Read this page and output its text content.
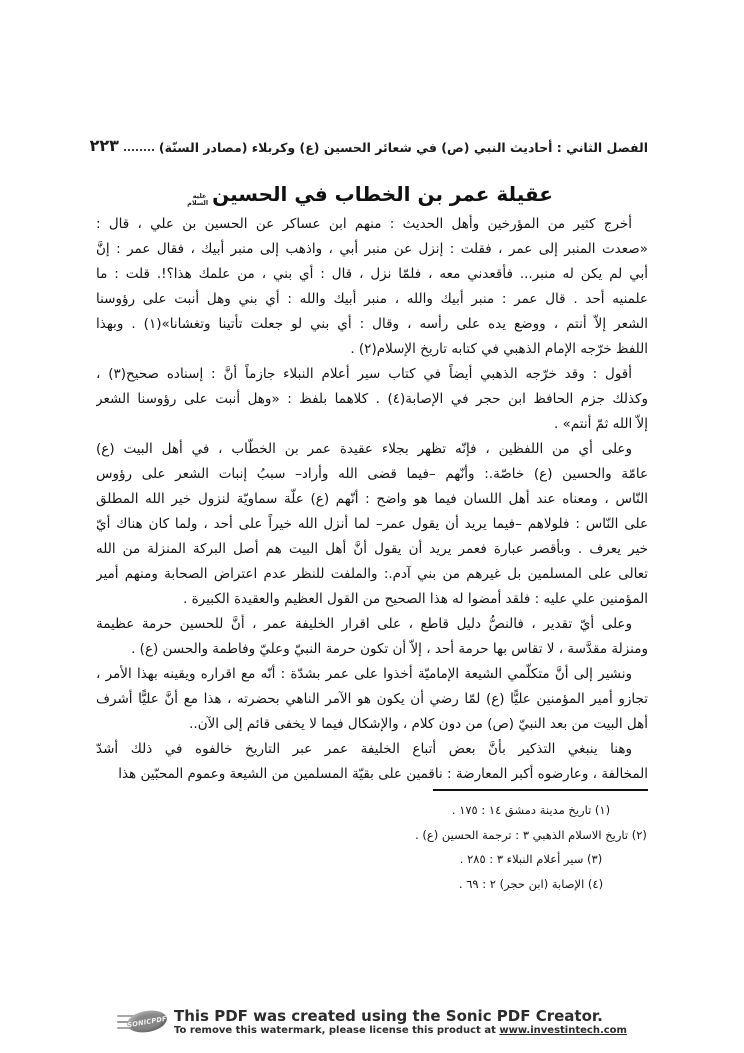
الفصل الثاني : أحاديث النبي (ص) في شعائر الحسين (ع) وكربلاء (مصادر السنّة)
٢٢٣
عقيلة عمر بن الخطاب في الحسينعليه السلام
أخرج كثير من المؤرخين وأهل الحديث : منهم ابن عساكر عن الحسين بن علي ، قال :
«صعدت المنبر إلى عمر ، فقلت : إنزل عن منبر أبي ، واذهب إلى منبر أبيك ، فقال عمر : إنَّ
أبي لم يكن له منبر... فأقعدني معه ، فلمّا نزل ، قال : أي بني ، من علمك هذا؟!. قلت : ما
علمنيه أحد . قال عمر : منبر أبيك والله ، منبر أبيك والله : أي بني وهل أنبت على رؤوسنا
الشعر إلاّ أنتم ، ووضع يده على رأسه ، وقال : أي بني لو جعلت تأتينا وتغشانا»(١) . وبهذا
اللفظ خرّجه الإمام الذهبي في كتابه تاريخ الإسلام(٢) .
أقول : وقد خرّجه الذهبي أيضاً في كتاب سير أعلام النبلاء جازماً أنَّ : إسناده صحيح(٣) ،
وكذلك جزم الحافظ ابن حجر في الإصابة(٤) . كلاهما بلفظ : «وهل أنبت على رؤوسنا الشعر
إلاّ الله ثمّ أنتم» .
وعلى أي من اللفظين ، فإنّه تظهر بجلاء عقيدة عمر بن الخطّاب ، في أهل البيت (ع)
عامّة والحسين (ع) خاصّة.: وأنّهم –فيما قضى الله وأراد– سببُ إنبات الشعر على رؤوس
النّاس ، ومعناه عند أهل اللسان فيما هو واضح : أنّهم (ع) علّة سماويّة لنزول خير الله المطلق
على النّاس : فلولاهم –فيما يريد أن يقول عمر– لما أنزل الله خيراً على أحد ، ولما كان هناك أيّ
خير يعرف . وبأقصر عبارة فعمر يريد أن يقول أنَّ أهل البيت هم أصل البركة المنزلة من الله
تعالى على المسلمين بل غيرهم من بني آدم.: والملفت للنظر عدم اعتراض الصحابة ومنهم أمير
المؤمنين علي عليه : فلقد أمضوا له هذا الصحيح من القول العظيم والعقيدة الكبيرة .
وعلى أيّ تقدير ، فالنصُّ دليل قاطع ، على اقرار الخليفة عمر ، أنَّ للحسين حرمة عظيمة
ومنزلة مقدَّسة ، لا تقاس بها حرمة أحد ، إلاّ أن تكون حرمة النبيّ وعليّ وفاطمة والحسن (ع) .
ونشير إلى أنَّ متكلّمي الشيعة الإماميّة أخذوا على عمر بشدّة : أنّه مع اقراره ويقينه بهذا الأمر ،
تجازو أمير المؤمنين عليًّا (ع) لمّا رضي أن يكون هو الآمر الناهي بحضرته ، هذا مع أنَّ عليًّا أشرف
أهل البيت من بعد النبيّ (ص) من دون كلام ، والإشكال فيما لا يخفى قائم إلى الآن..
وهنا ينبغي التذكير بأنَّ بعض أتباع الخليفة عمر عبر التاريخ خالفوه في ذلك أشدّ
المخالفة ، وعارضوه أكبر المعارضة : ناقمين على بقيّة المسلمين من الشيعة وعموم المحبّين هذا
(١) تاريخ مدينة دمشق ١٤ : ١٧٥ .
(٢) تاريخ الاسلام الذهبي ٣ : ترجمة الحسين (ع) .
(٣) سير أعلام النبلاء ٣ : ٢٨٥ .
(٤) الإصابة (ابن حجر) ٢ : ٦٩ .
SONICPDF This PDF was created using the Sonic PDF Creator.
To remove this watermark, please license this product at www.investintech.com
